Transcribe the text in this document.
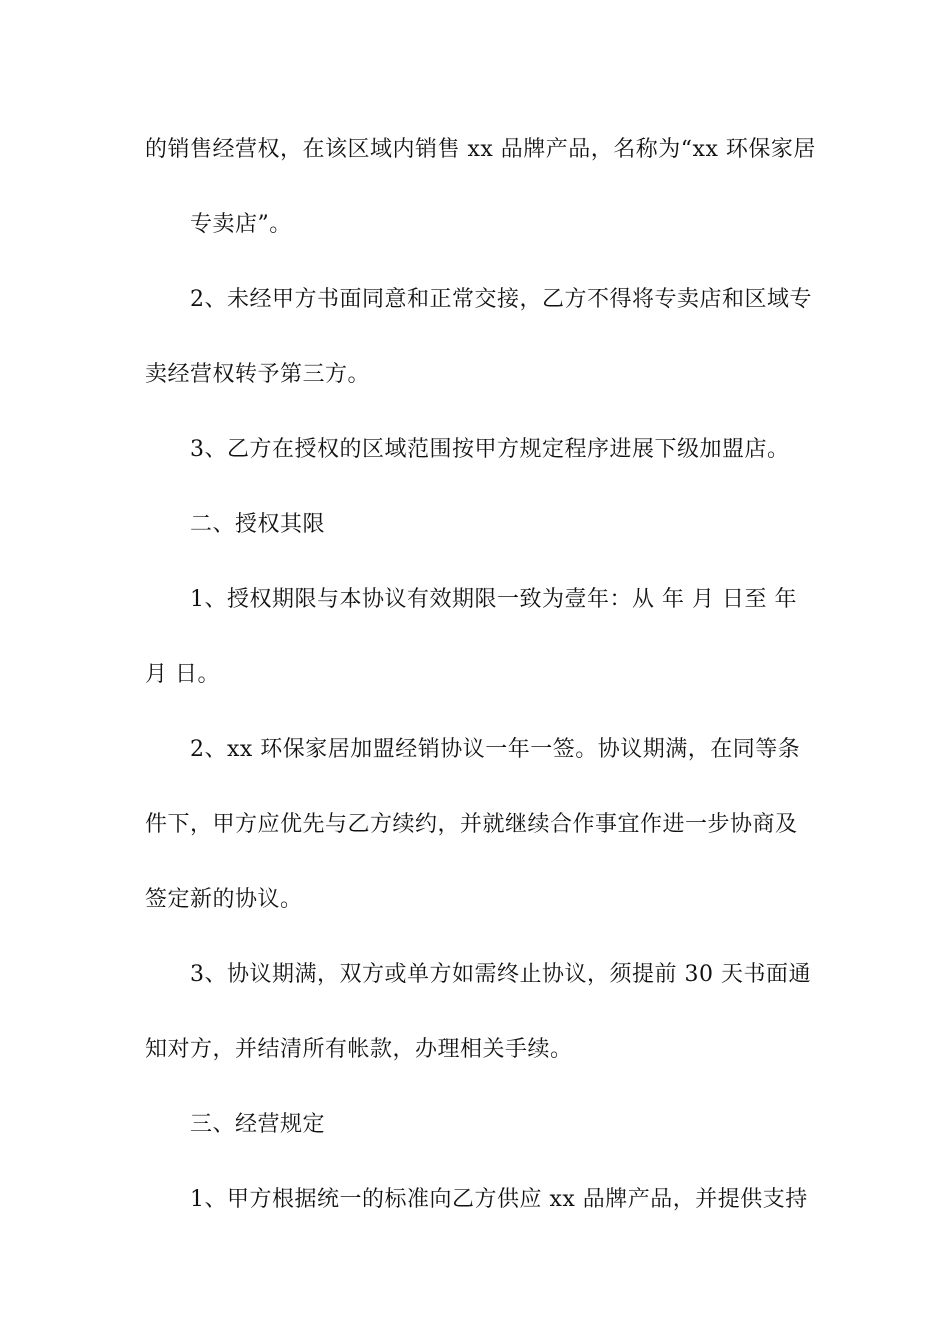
的销售经营权，在该区域内销售 xx 品牌产品，名称为“xx 环保家居
专卖店”。
2、未经甲方书面同意和正常交接，乙方不得将专卖店和区域专
卖经营权转予第三方。
3、乙方在授权的区域范围按甲方规定程序进展下级加盟店。
二、授权其限
1、授权期限与本协议有效期限一致为壹年：从 年 月 日至 年
月 日。
2、xx 环保家居加盟经销协议一年一签。协议期满，在同等条
件下，甲方应优先与乙方续约，并就继续合作事宜作进一步协商及
签定新的协议。
3、协议期满，双方或单方如需终止协议，须提前 30 天书面通
知对方，并结清所有帐款，办理相关手续。
三、经营规定
1、甲方根据统一的标准向乙方供应 xx 品牌产品，并提供支持
